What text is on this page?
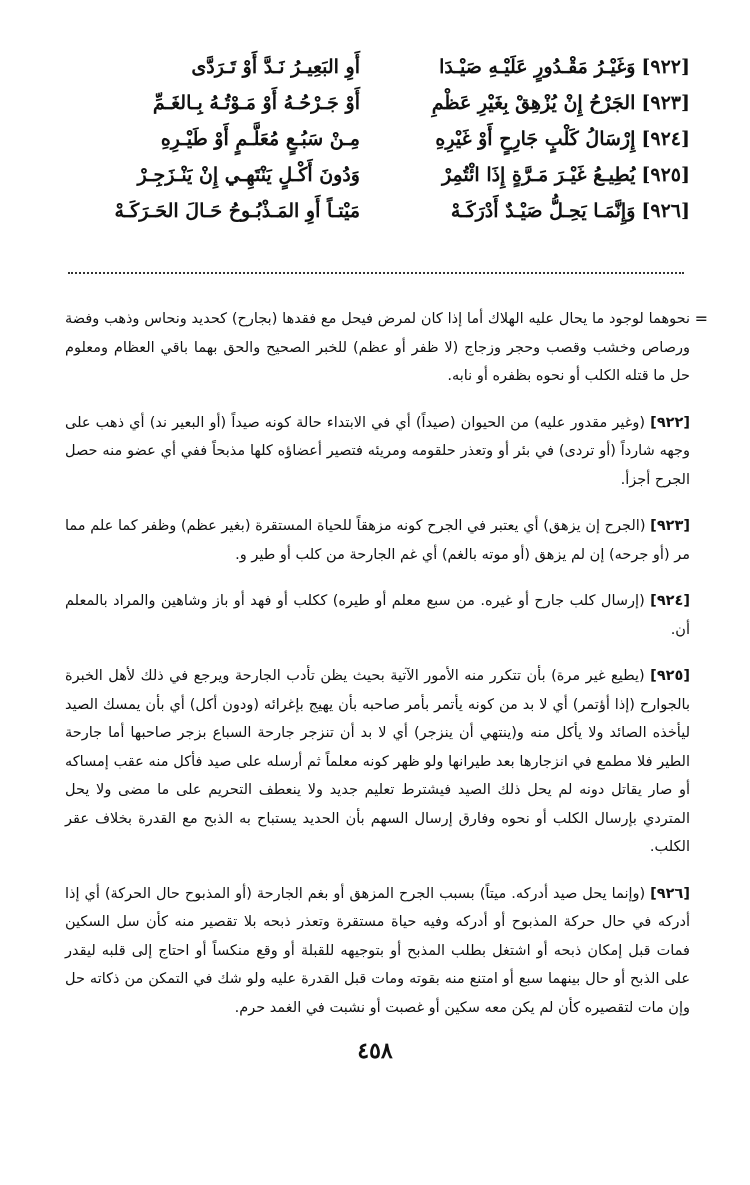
[٩٢٢]وَغَيْـرُ مَقْـدُورٍ عَلَيْـهِ صَيْـدَا
أَوِ البَعِيـرُ نَـدَّ أَوْ تَـرَدَّى
[٩٢٣]الجَرْحُ إِنْ يُزْهِقْ بِغَيْرِ عَظْمِ
أَوْ جَـرْحُـهُ أَوْ مَـوْتُـهُ بِـالغَـمِّ
[٩٢٤]إِرْسَالُ كَلْبٍ جَارِحٍ أَوْ غَيْرِهِ
مِـنْ سَبُـعٍ مُعَلَّـمٍ أَوْ طَيْـرِهِ
[٩٢٥]يُطِيـعُ غَيْـرَ مَـرَّةٍ إِذَا ائْتُمِرْ
وَدُونَ أَكْـلٍ يَنْتَهِـي إِنْ يَنْـزَجِـرْ
[٩٢٦]وَإِنَّمَـا يَحِـلُّ صَيْـدٌ أَدْرَكَـهْ
مَيْتـاً أَوِ المَـذْبُـوحُ حَـالَ الحَـرَكَـهْ

=
نحوهما لوجود ما يحال عليه الهلاك أما إذا كان لمرض فيحل مع فقدها (بجارح) كحديد ونحاس وذهب وفضة ورصاص وخشب وقصب وحجر وزجاج (لا ظفر أو عظم) للخبر الصحيح والحق بهما باقي العظام ومعلوم حل ما قتله الكلب أو نحوه بظفره أو نابه.

[٩٢٢] (وغير مقدور عليه) من الحيوان (صيداً) أي في الابتداء حالة كونه صيداً (أو البعير ند) أي ذهب على وجهه شارداً (أو تردى) في بئر أو وتعذر حلقومه ومريئه فتصير أعضاؤه كلها مذبحاً ففي أي عضو منه حصل الجرح أجزأ.

[٩٢٣] (الجرح إن يزهق) أي يعتبر في الجرح كونه مزهقاً للحياة المستقرة (بغير عظم) وظفر كما علم مما مر (أو جرحه) إن لم يزهق (أو موته بالغم) أي غم الجارحة من كلب أو طير و.

[٩٢٤] (إرسال كلب جارح أو غيره. من سبع معلم أو طيره) ككلب أو فهد أو باز وشاهين والمراد بالمعلم أن.

[٩٢٥] (يطيع غير مرة) بأن تتكرر منه الأمور الآتية بحيث يظن تأدب الجارحة ويرجع في ذلك لأهل الخبرة بالجوارح (إذا أؤتمر) أي لا بد من كونه يأتمر بأمر صاحبه بأن يهيج بإغرائه (ودون أكل) أي بأن يمسك الصيد ليأخذه الصائد ولا يأكل منه و(ينتهي أن ينزجر) أي لا بد أن تنزجر جارحة السباع بزجر صاحبها أما جارحة الطير فلا مطمع في انزجارها بعد طيرانها ولو ظهر كونه معلماً ثم أرسله على صيد فأكل منه عقب إمساكه أو صار يقاتل دونه لم يحل ذلك الصيد فيشترط تعليم جديد ولا ينعطف التحريم على ما مضى ولا يحل المتردي بإرسال الكلب أو نحوه وفارق إرسال السهم بأن الحديد يستباح به الذبح مع القدرة بخلاف عقر الكلب.

[٩٢٦] (وإنما يحل صيد أدركه. ميتاً) بسبب الجرح المزهق أو بغم الجارحة (أو المذبوح حال الحركة) أي إذا أدركه في حال حركة المذبوح أو أدركه وفيه حياة مستقرة وتعذر ذبحه بلا تقصير منه كأن سل السكين فمات قبل إمكان ذبحه أو اشتغل بطلب المذبح أو بتوجيهه للقبلة أو وقع منكساً أو احتاج إلى قلبه ليقدر على الذبح أو حال بينهما سبع أو امتنع منه بقوته ومات قبل القدرة عليه ولو شك في التمكن من ذكاته حل وإن مات لتقصيره كأن لم يكن معه سكين أو غصبت أو نشبت في الغمد حرم.

٤٥٨
